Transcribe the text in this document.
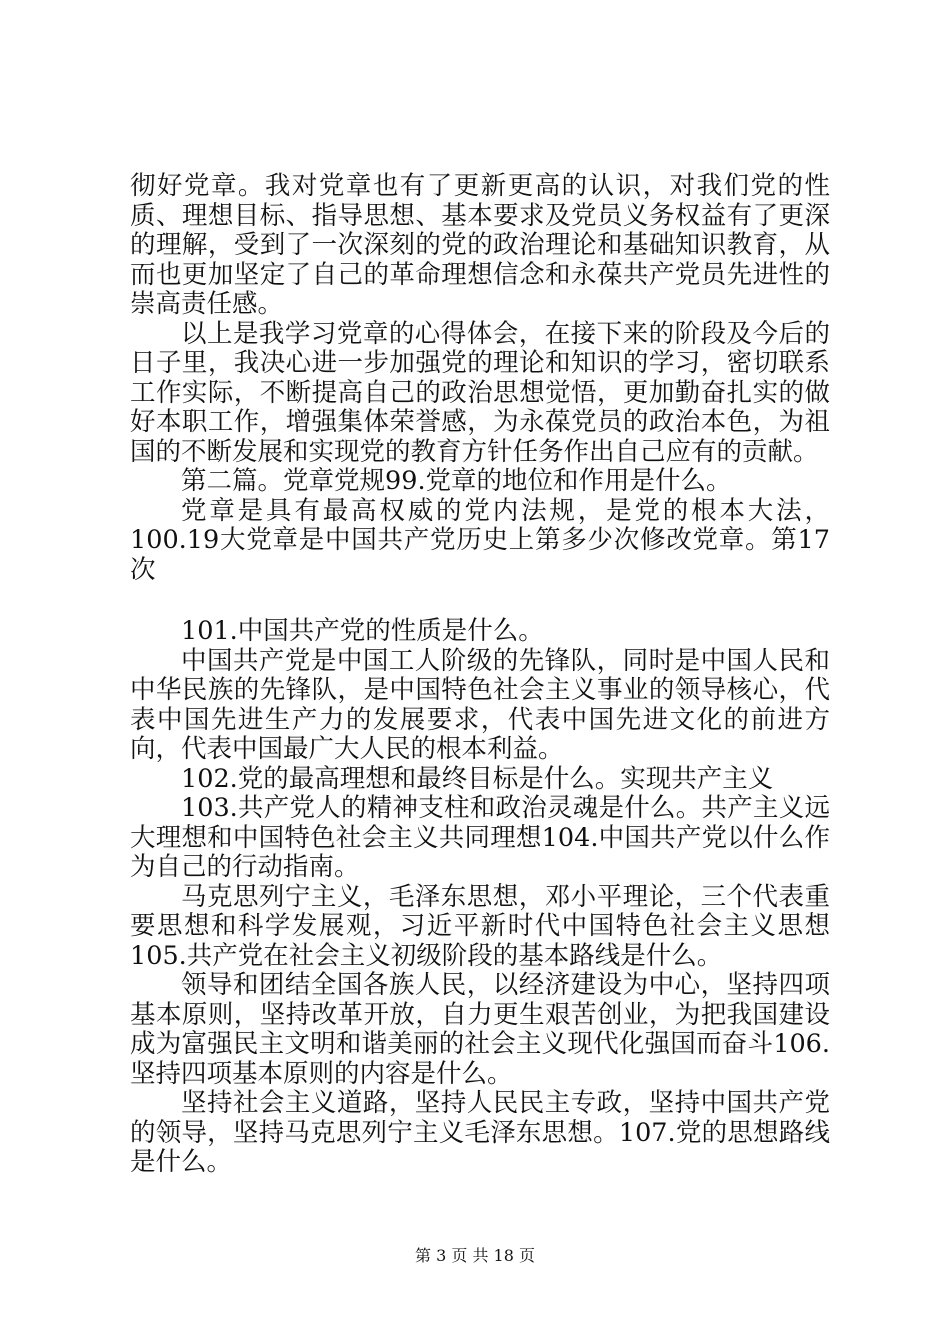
彻好党章。我对党章也有了更新更高的认识，对我们党的性质、理想目标、指导思想、基本要求及党员义务权益有了更深的理解，受到了一次深刻的党的政治理论和基础知识教育，从而也更加坚定了自己的革命理想信念和永葆共产党员先进性的崇高责任感。

以上是我学习党章的心得体会，在接下来的阶段及今后的日子里，我决心进一步加强党的理论和知识的学习，密切联系工作实际，不断提高自己的政治思想觉悟，更加勤奋扎实的做好本职工作，增强集体荣誉感，为永葆党员的政治本色，为祖国的不断发展和实现党的教育方针任务作出自己应有的贡献。

第二篇。党章党规99.党章的地位和作用是什么。

党章是具有最高权威的党内法规，是党的根本大法，100.19大党章是中国共产党历史上第多少次修改党章。第17次

101.中国共产党的性质是什么。

中国共产党是中国工人阶级的先锋队，同时是中国人民和中华民族的先锋队，是中国特色社会主义事业的领导核心，代表中国先进生产力的发展要求，代表中国先进文化的前进方向，代表中国最广大人民的根本利益。

102.党的最高理想和最终目标是什么。实现共产主义

103.共产党人的精神支柱和政治灵魂是什么。共产主义远大理想和中国特色社会主义共同理想104.中国共产党以什么作为自己的行动指南。

马克思列宁主义，毛泽东思想，邓小平理论，三个代表重要思想和科学发展观，习近平新时代中国特色社会主义思想105.共产党在社会主义初级阶段的基本路线是什么。

领导和团结全国各族人民，以经济建设为中心，坚持四项基本原则，坚持改革开放，自力更生艰苦创业，为把我国建设成为富强民主文明和谐美丽的社会主义现代化强国而奋斗106.坚持四项基本原则的内容是什么。

坚持社会主义道路，坚持人民民主专政，坚持中国共产党的领导，坚持马克思列宁主义毛泽东思想。107.党的思想路线是什么。

第 3 页 共 18 页
